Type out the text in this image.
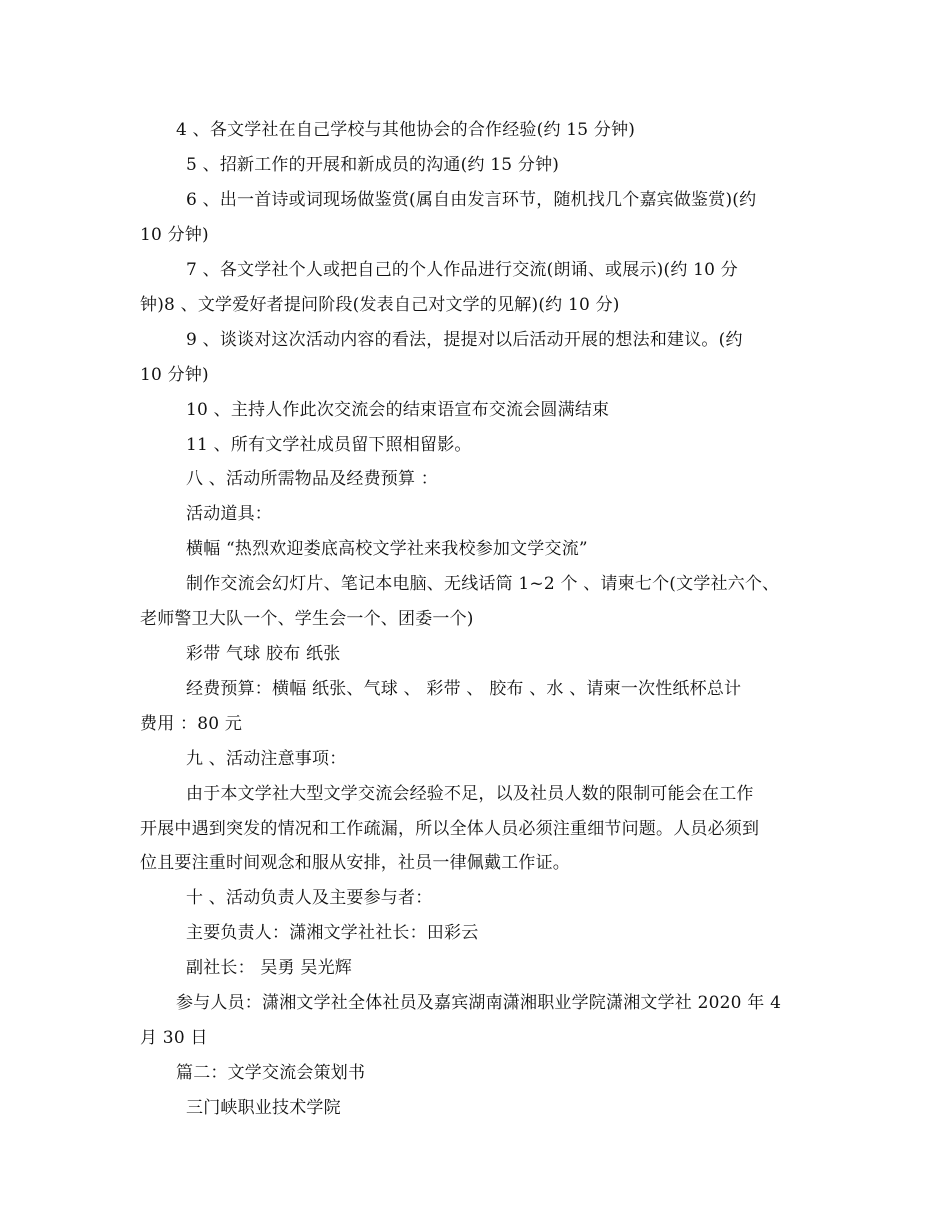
4 、各文学社在自己学校与其他协会的合作经验(约 15 分钟)
5 、招新工作的开展和新成员的沟通(约 15 分钟)
6 、出一首诗或词现场做鉴赏(属自由发言环节，随机找几个嘉宾做鉴赏)(约
10 分钟)
7 、各文学社个人或把自己的个人作品进行交流(朗诵、或展示)(约 10 分
钟)8 、文学爱好者提问阶段(发表自己对文学的见解)(约 10 分)
9 、谈谈对这次活动内容的看法，提提对以后活动开展的想法和建议。(约
10 分钟)
10 、主持人作此次交流会的结束语宣布交流会圆满结束
11 、所有文学社成员留下照相留影。
八 、活动所需物品及经费预算 ：
活动道具：
横幅 “热烈欢迎娄底高校文学社来我校参加文学交流”
制作交流会幻灯片、笔记本电脑、无线话筒 1~2 个 、请柬七个(文学社六个、
老师警卫大队一个、学生会一个、团委一个)
彩带 气球 胶布 纸张
经费预算：横幅 纸张、气球 、 彩带 、 胶布 、水 、请柬一次性纸杯总计
费用 ：80 元
九 、活动注意事项：
由于本文学社大型文学交流会经验不足，以及社员人数的限制可能会在工作
开展中遇到突发的情况和工作疏漏，所以全体人员必须注重细节问题。人员必须到
位且要注重时间观念和服从安排，社员一律佩戴工作证。
十 、活动负责人及主要参与者：
主要负责人：潇湘文学社社长：田彩云
副社长： 吴勇 吴光辉
参与人员：潇湘文学社全体社员及嘉宾湖南潇湘职业学院潇湘文学社 2020 年 4
月 30 日
篇二：文学交流会策划书
三门峡职业技术学院
